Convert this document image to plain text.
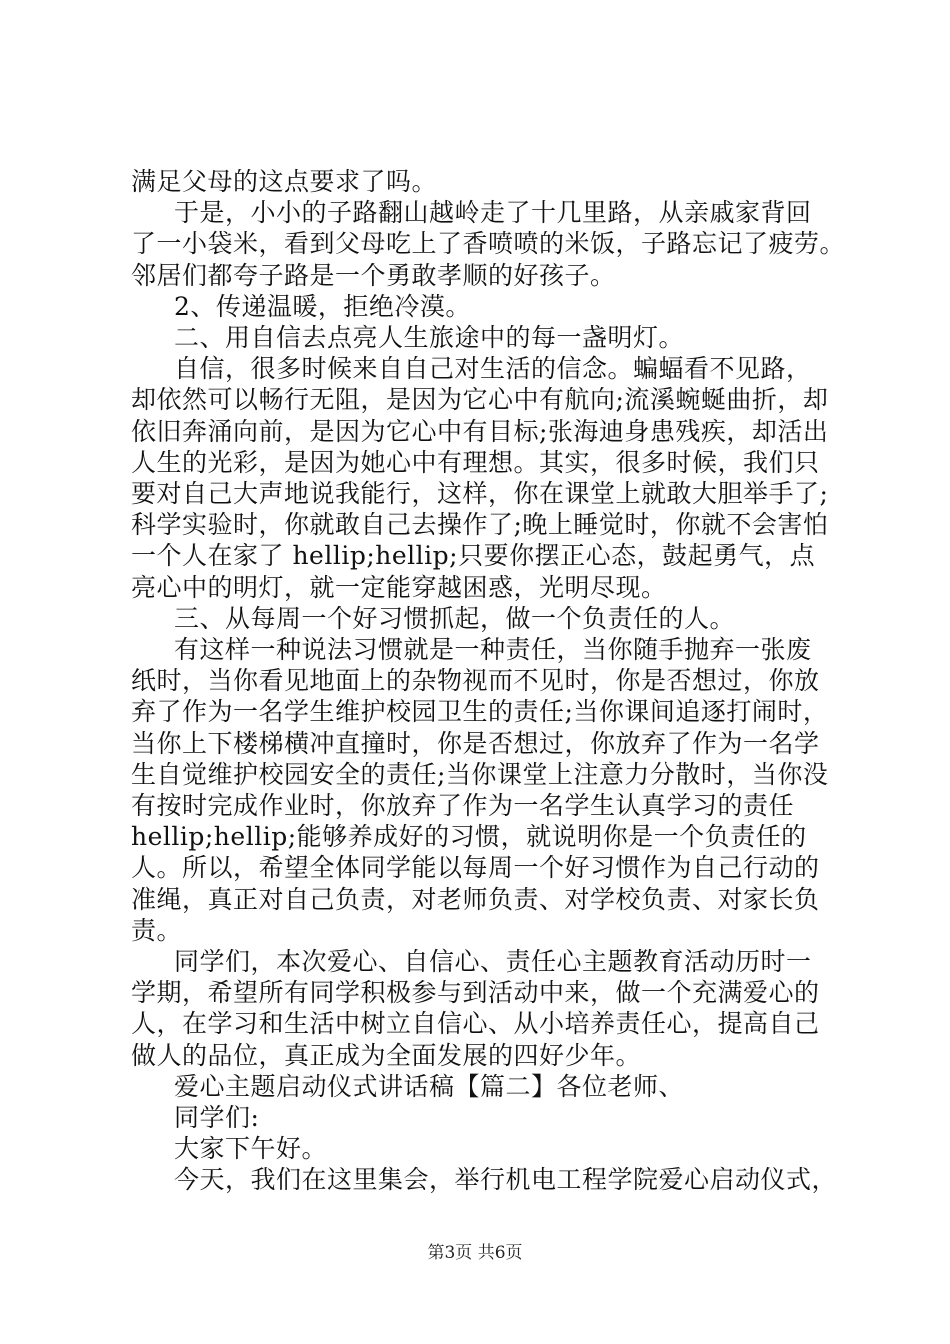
第3页 共6页
满足父母的这点要求了吗。
于是，小小的子路翻山越岭走了十几里路，从亲戚家背回
了一小袋米，看到父母吃上了香喷喷的米饭，子路忘记了疲劳。
邻居们都夸子路是一个勇敢孝顺的好孩子。
2、传递温暖，拒绝冷漠。
二、用自信去点亮人生旅途中的每一盏明灯。
自信，很多时候来自自己对生活的信念。蝙蝠看不见路，
却依然可以畅行无阻，是因为它心中有航向;流溪蜿蜒曲折，却
依旧奔涌向前，是因为它心中有目标;张海迪身患残疾，却活出
人生的光彩，是因为她心中有理想。其实，很多时候，我们只
要对自己大声地说我能行，这样，你在课堂上就敢大胆举手了;
科学实验时，你就敢自己去操作了;晚上睡觉时，你就不会害怕
一个人在家了 hellip;hellip;只要你摆正心态，鼓起勇气，点
亮心中的明灯，就一定能穿越困惑，光明尽现。
三、从每周一个好习惯抓起，做一个负责任的人。
有这样一种说法习惯就是一种责任，当你随手抛弃一张废
纸时，当你看见地面上的杂物视而不见时，你是否想过，你放
弃了作为一名学生维护校园卫生的责任;当你课间追逐打闹时，
当你上下楼梯横冲直撞时，你是否想过，你放弃了作为一名学
生自觉维护校园安全的责任;当你课堂上注意力分散时，当你没
有按时完成作业时，你放弃了作为一名学生认真学习的责任
hellip;hellip;能够养成好的习惯，就说明你是一个负责任的
人。所以，希望全体同学能以每周一个好习惯作为自己行动的
准绳，真正对自己负责，对老师负责、对学校负责、对家长负
责。
同学们，本次爱心、自信心、责任心主题教育活动历时一
学期，希望所有同学积极参与到活动中来，做一个充满爱心的
人，在学习和生活中树立自信心、从小培养责任心，提高自己
做人的品位，真正成为全面发展的四好少年。
爱心主题启动仪式讲话稿【篇二】各位老师、
同学们:
大家下午好。
今天，我们在这里集会，举行机电工程学院爱心启动仪式，
